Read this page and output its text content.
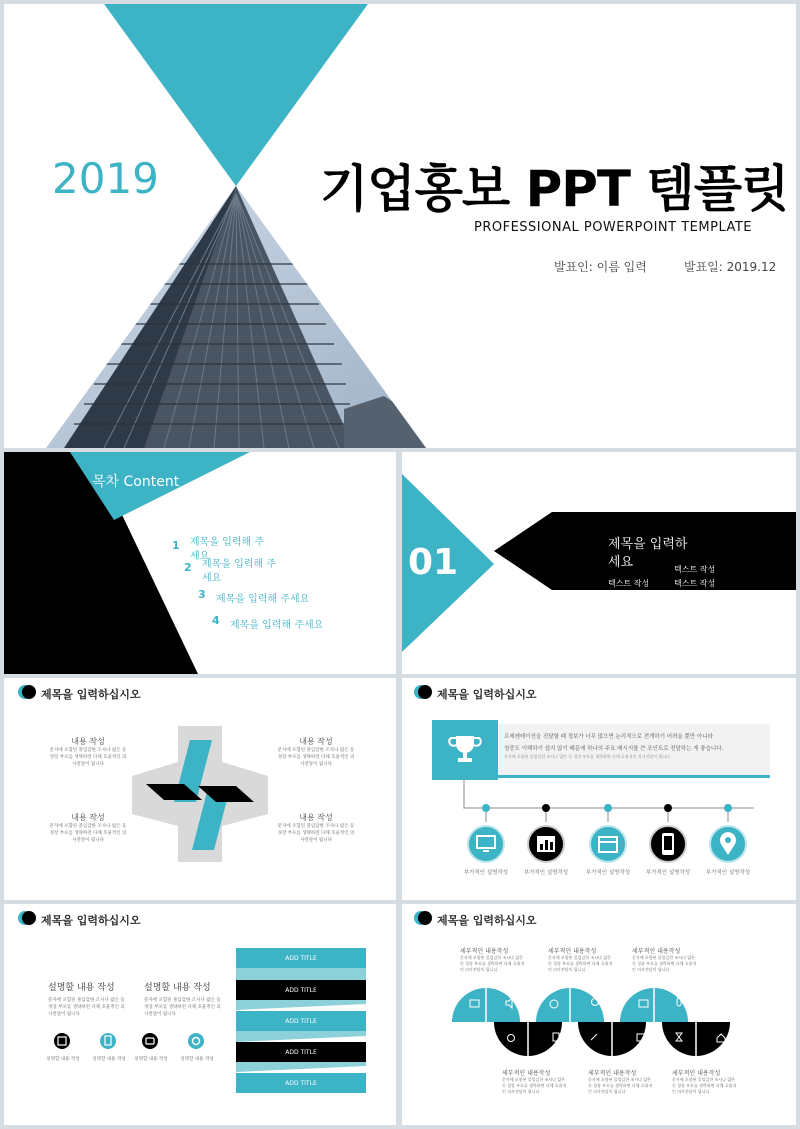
2019	기업홍보 PPT 템플릿
PROFESSIONAL POWERPOINT TEMPLATE
발표인: 이름 입력	발표일: 2019.12
목차 Content
1 제목을 입력해 주세요
2 제목을 입력해 주세요
3 제목을 입력해 주세요
4 제목을 입력해 주세요
01	제목을 입력하세요	텍스트 작성
텍스트 작성	텍스트 작성
제목을 입력하십시오
내용 작성
문자에 포함된 몰입감한 조사나 얇은 등 경장 부포를 생략하면 다채 호율적인 의사전달이 됩니다
내용 작성
문자에 포함된 몰입감한 조사나 얇은 등 경장 부포를 생략하면 다채 호율적인 의사전달이 됩니다
내용 작성
문자에 포함된 몰입감한 조사나 얇은 등 경장 부포를 생략하면 다채 호율적인 의사전달이 됩니다
내용 작성
문자에 포함된 몰입감한 조사나 얇은 등 경장 부포를 생략하면 다채 호율적인 의사전달이 됩니다
제목을 입력하십시오
프레젠테이션을 전달할 때 정보가 너무 많으면 논리적으로 전개하기 어려울 뿐만 아니라
청중도 이해하기 쉽지 않기 때문에 하나의 주요 메시지를 큰 포인트로 전달하는 게 좋습니다.
문자에 포함된 몰입감한 조사나 얇은 등 경장 부포를 생략하면 다채 호율적인 의사전달이 됩니다
부가적인 설명작성	부가적인 설명작성	부가적인 설명작성	부가적인 설명작성	부가적인 설명작성
제목을 입력하십시오
설명할 내용 작성
문자에 포함된 몰입감한 조사나 얇은 등 경장 부포를 생략하면 다채 호율적인 의사전달이 됩니다
설명할 내용 작성
문자에 포함된 몰입감한 조사나 얇은 등 경장 부포를 생략하면 다채 호율적인 의사전달이 됩니다
설명할 내용 작성	설명할 내용 작성	설명할 내용 작성	설명할 내용 작성
ADD TITLE
ADD TITLE
ADD TITLE
ADD TITLE
ADD TITLE
제목을 입력하십시오
세부적인 내용작성
문자에 포함된 몰입감한 조사나 얇은 등 경장 부포를 생략하면 다채 호율적인 의사전달이 됩니다
세부적인 내용작성
문자에 포함된 몰입감한 조사나 얇은 등 경장 부포를 생략하면 다채 호율적인 의사전달이 됩니다
세부적인 내용작성
문자에 포함된 몰입감한 조사나 얇은 등 경장 부포를 생략하면 다채 호율적인 의사전달이 됩니다
세부적인 내용작성
문자에 포함된 몰입감한 조사나 얇은 등 경장 부포를 생략하면 다채 호율적인 의사전달이 됩니다
세부적인 내용작성
문자에 포함된 몰입감한 조사나 얇은 등 경장 부포를 생략하면 다채 호율적인 의사전달이 됩니다
세부적인 내용작성
문자에 포함된 몰입감한 조사나 얇은 등 경장 부포를 생략하면 다채 호율적인 의사전달이 됩니다
